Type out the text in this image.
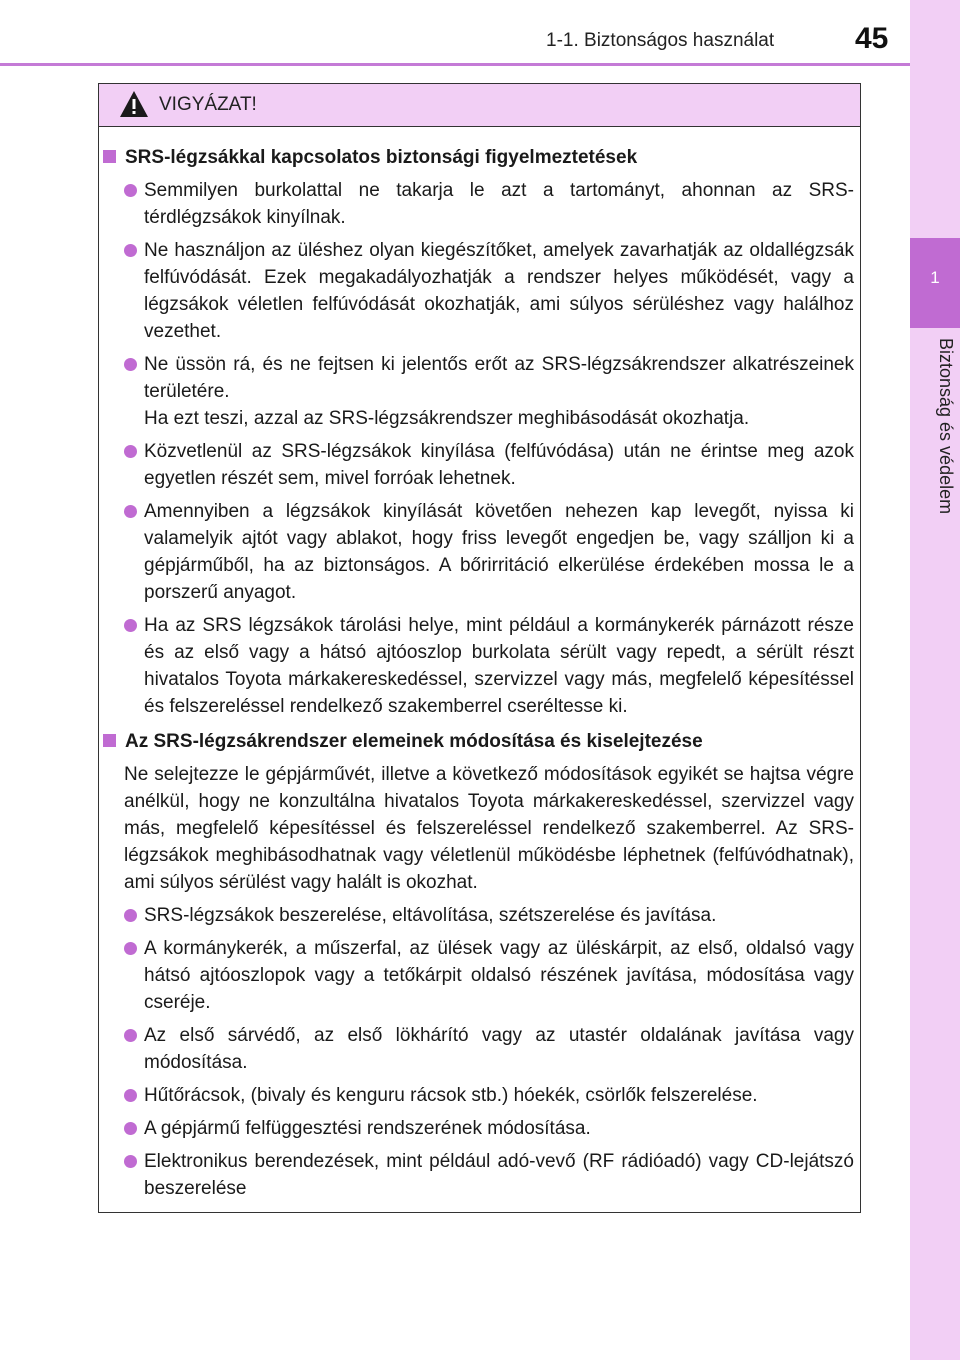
1-1. Biztonságos használat	45
1
Biztonság és védelem
VIGYÁZAT!
SRS-légzsákkal kapcsolatos biztonsági figyelmeztetések
Semmilyen burkolattal ne takarja le azt a tartományt, ahonnan az SRS-térdlégzsákok kinyílnak.
Ne használjon az üléshez olyan kiegészítőket, amelyek zavarhatják az oldallégzsák felfúvódását. Ezek megakadályozhatják a rendszer helyes működését, vagy a légzsákok véletlen felfúvódását okozhatják, ami súlyos sérüléshez vagy halálhoz vezethet.
Ne üssön rá, és ne fejtsen ki jelentős erőt az SRS-légzsákrendszer alkatrészeinek területére.
Ha ezt teszi, azzal az SRS-légzsákrendszer meghibásodását okozhatja.
Közvetlenül az SRS-légzsákok kinyílása (felfúvódása) után ne érintse meg azok egyetlen részét sem, mivel forróak lehetnek.
Amennyiben a légzsákok kinyílását követően nehezen kap levegőt, nyissa ki valamelyik ajtót vagy ablakot, hogy friss levegőt engedjen be, vagy szálljon ki a gépjárműből, ha az biztonságos. A bőrirritáció elkerülése érdekében mossa le a porszerű anyagot.
Ha az SRS légzsákok tárolási helye, mint például a kormánykerék párnázott része és az első vagy a hátsó ajtóoszlop burkolata sérült vagy repedt, a sérült részt hivatalos Toyota márkakereskedéssel, szervizzel vagy más, megfelelő képesítéssel és felszereléssel rendelkező szakemberrel cseréltesse ki.
Az SRS-légzsákrendszer elemeinek módosítása és kiselejtezése
Ne selejtezze le gépjárművét, illetve a következő módosítások egyikét se hajtsa végre anélkül, hogy ne konzultálna hivatalos Toyota márkakereskedéssel, szervizzel vagy más, megfelelő képesítéssel és felszereléssel rendelkező szakemberrel. Az SRS-légzsákok meghibásodhatnak vagy véletlenül működésbe léphetnek (felfúvódhatnak), ami súlyos sérülést vagy halált is okozhat.
SRS-légzsákok beszerelése, eltávolítása, szétszerelése és javítása.
A kormánykerék, a műszerfal, az ülések vagy az üléskárpit, az első, oldalsó vagy hátsó ajtóoszlopok vagy a tetőkárpit oldalsó részének javítása, módosítása vagy cseréje.
Az első sárvédő, az első lökhárító vagy az utastér oldalának javítása vagy módosítása.
Hűtőrácsok, (bivaly és kenguru rácsok stb.) hóekék, csörlők felszerelése.
A gépjármű felfüggesztési rendszerének módosítása.
Elektronikus berendezések, mint például adó-vevő (RF rádióadó) vagy CD-lejátszó beszerelése
